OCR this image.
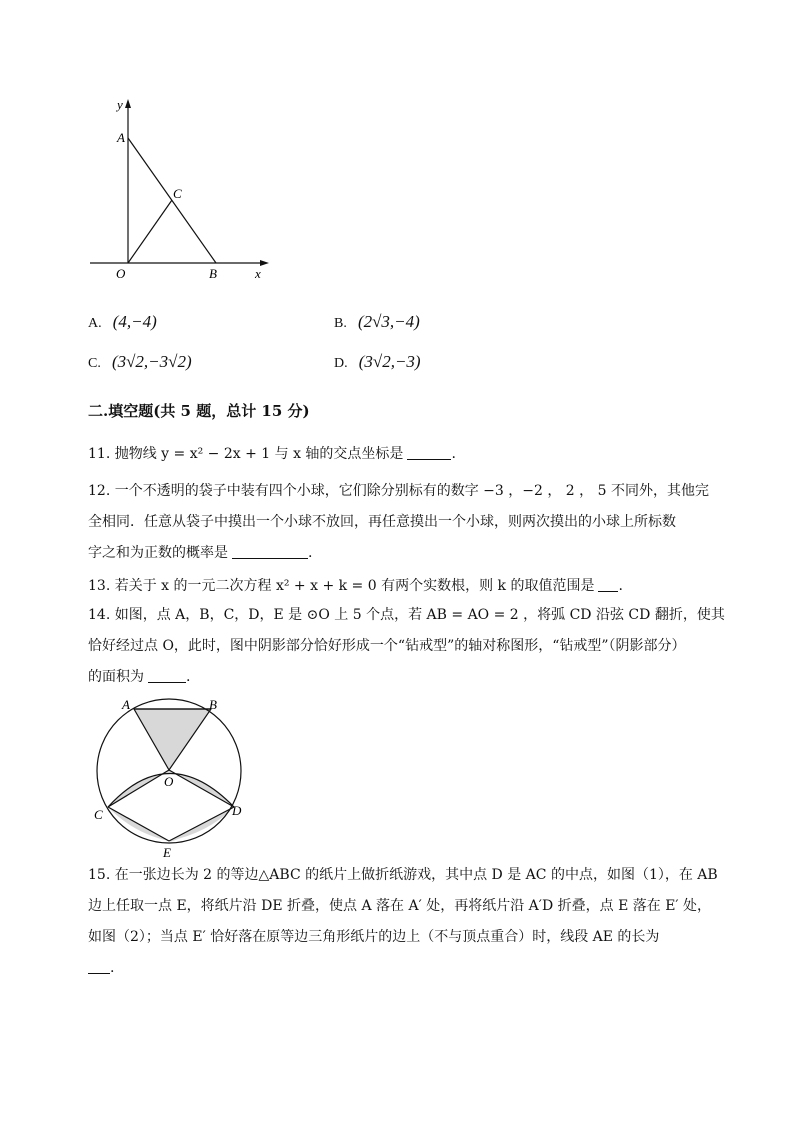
y
A
C
O	B	x
A. (4,−4)	B. (2√3,−4)
C. (3√2,−3√2)	D. (3√2,−3)
二.填空题(共 5 题，总计 15 分)
11. 抛物线 y = x² − 2x + 1 与 x 轴的交点坐标是	.
12. 一个不透明的袋子中装有四个小球，它们除分别标有的数字 −3 ，−2 ， 2 ， 5 不同外，其他完
全相同．任意从袋子中摸出一个小球不放回，再任意摸出一个小球，则两次摸出的小球上所标数
字之和为正数的概率是	.
13. 若关于 x 的一元二次方程 x² + x + k = 0 有两个实数根，则 k 的取值范围是 .
14. 如图，点 A，B，C，D，E 是 ⊙O 上 5 个点，若 AB = AO = 2 ，将弧 CD 沿弦 CD 翻折，使其
恰好经过点 O，此时，图中阴影部分恰好形成一个“钻戒型”的轴对称图形，“钻戒型”（阴影部分）
的面积为	.
A	B
O
C	D
E
15. 在一张边长为 2 的等边△ABC 的纸片上做折纸游戏，其中点 D 是 AC 的中点，如图（1），在 AB
边上任取一点 E，将纸片沿 DE 折叠，使点 A 落在 A′ 处，再将纸片沿 A′D 折叠，点 E 落在 E′ 处，
如图（2）；当点 E′ 恰好落在原等边三角形纸片的边上（不与顶点重合）时，线段 AE 的长为
.
